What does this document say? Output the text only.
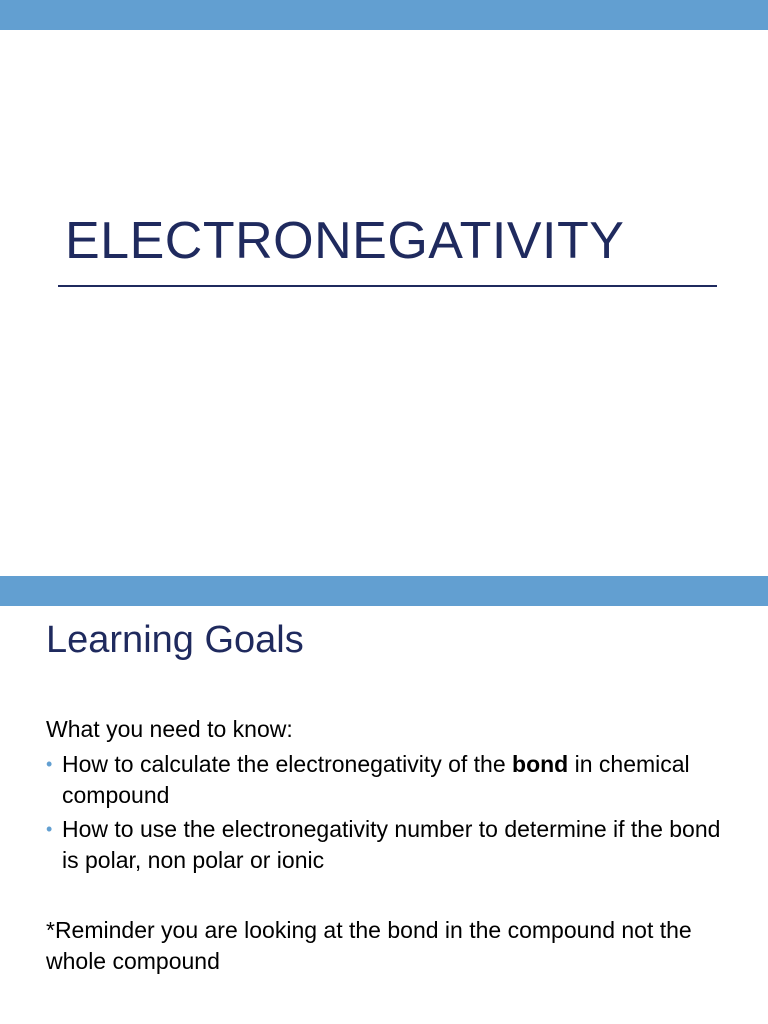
ELECTRONEGATIVITY
Learning Goals
What you need to know:
• How to calculate the electronegativity of the bond in chemical compound
• How to use the electronegativity number to determine if the bond is polar, non polar or ionic
*Reminder you are looking at the bond in the compound not the whole compound
